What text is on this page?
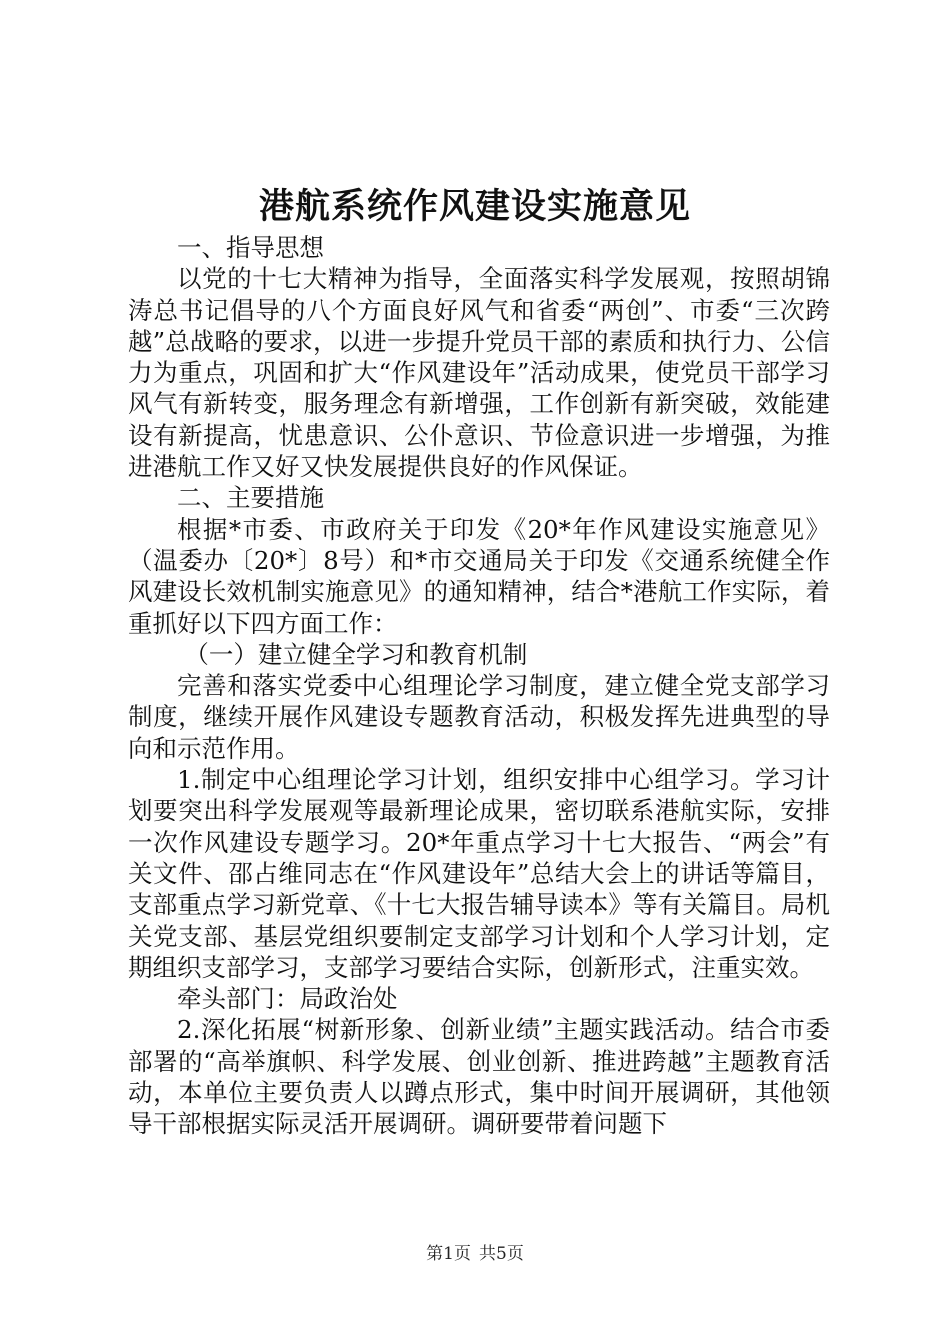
港航系统作风建设实施意见

一、指导思想

以党的十七大精神为指导，全面落实科学发展观，按照胡锦涛总书记倡导的八个方面良好风气和省委“两创”、市委“三次跨越”总战略的要求，以进一步提升党员干部的素质和执行力、公信力为重点，巩固和扩大“作风建设年”活动成果，使党员干部学习风气有新转变，服务理念有新增强，工作创新有新突破，效能建设有新提高，忧患意识、公仆意识、节俭意识进一步增强，为推进港航工作又好又快发展提供良好的作风保证。

二、主要措施

根据*市委、市政府关于印发《20*年作风建设实施意见》（温委办〔20*〕8号）和*市交通局关于印发《交通系统健全作风建设长效机制实施意见》的通知精神，结合*港航工作实际，着重抓好以下四方面工作：

（一）建立健全学习和教育机制

完善和落实党委中心组理论学习制度，建立健全党支部学习制度，继续开展作风建设专题教育活动，积极发挥先进典型的导向和示范作用。

1.制定中心组理论学习计划，组织安排中心组学习。学习计划要突出科学发展观等最新理论成果，密切联系港航实际，安排一次作风建设专题学习。20*年重点学习十七大报告、“两会”有关文件、邵占维同志在“作风建设年”总结大会上的讲话等篇目，支部重点学习新党章、《十七大报告辅导读本》等有关篇目。局机关党支部、基层党组织要制定支部学习计划和个人学习计划，定期组织支部学习，支部学习要结合实际，创新形式，注重实效。

牵头部门：局政治处

2.深化拓展“树新形象、创新业绩”主题实践活动。结合市委部署的“高举旗帜、科学发展、创业创新、推进跨越”主题教育活动，本单位主要负责人以蹲点形式，集中时间开展调研，其他领导干部根据实际灵活开展调研。调研要带着问题下

第1页 共5页
